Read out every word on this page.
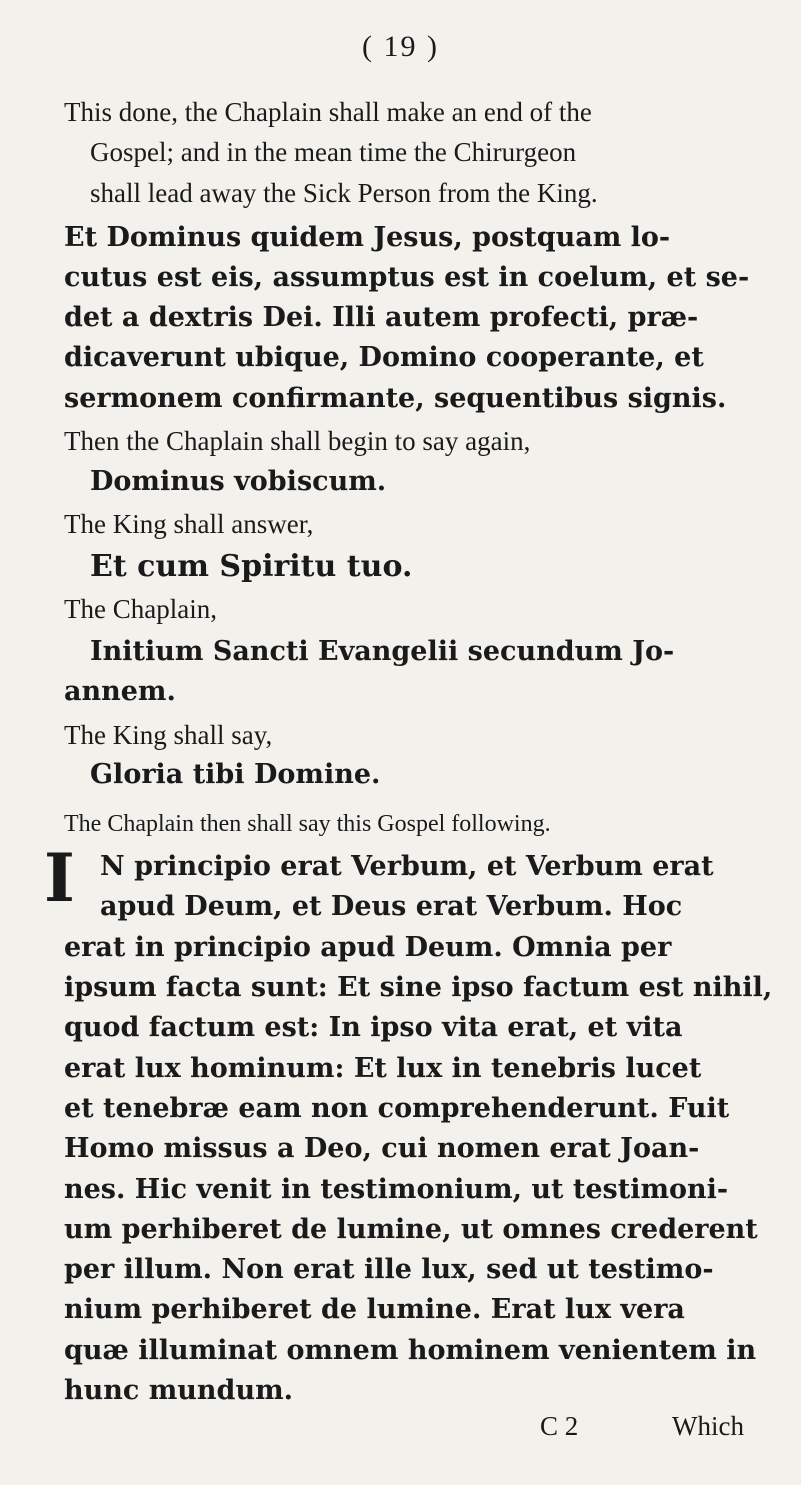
( 19 )
This done, the Chaplain shall make an end of the
Gospel; and in the mean time the Chirurgeon
shall lead away the Sick Person from the King.
Et Dominus quidem Jesus, postquam lo-
cutus est eis, assumptus est in coelum, et se-
det a dextris Dei. Illi autem profecti, præ-
dicaverunt ubique, Domino cooperante, et
sermonem confirmante, sequentibus signis.
Then the Chaplain shall begin to say again,
Dominus vobiscum.
The King shall answer,
Et cum Spiritu tuo.
The Chaplain,
Initium Sancti Evangelii secundum Jo-
annem.
The King shall say,
Gloria tibi Domine.
The Chaplain then shall say this Gospel following.
I N principio erat Verbum, et Verbum erat
apud Deum, et Deus erat Verbum. Hoc
erat in principio apud Deum. Omnia per
ipsum facta sunt: Et sine ipso factum est nihil,
quod factum est: In ipso vita erat, et vita
erat lux hominum: Et lux in tenebris lucet
et tenebræ eam non comprehenderunt. Fuit
Homo missus a Deo, cui nomen erat Joan-
nes. Hic venit in testimonium, ut testimoni-
um perhiberet de lumine, ut omnes crederent
per illum. Non erat ille lux, sed ut testimo-
nium perhiberet de lumine. Erat lux vera
quæ illuminat omnem hominem venientem in
hunc mundum.
C 2	Which
